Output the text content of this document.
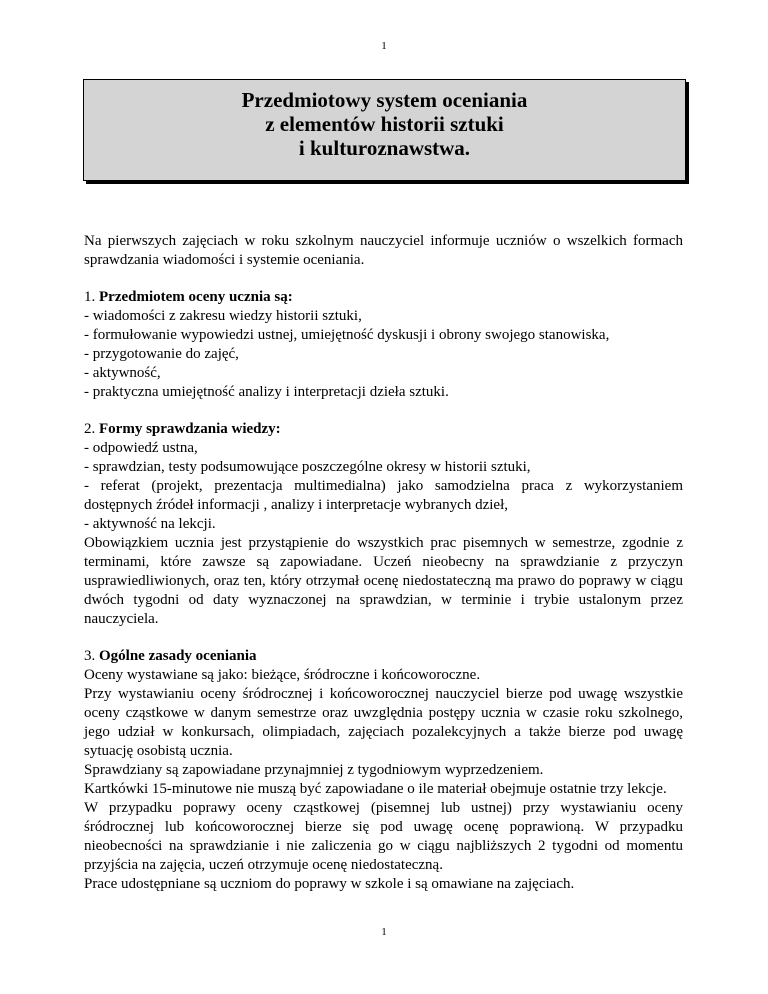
1
Przedmiotowy system oceniania
z elementów historii sztuki
i kulturoznawstwa.

Na pierwszych zajęciach w roku szkolnym nauczyciel informuje uczniów o wszelkich formach sprawdzania wiadomości i systemie oceniania.

1. Przedmiotem oceny ucznia są:

- wiadomości z zakresu wiedzy historii sztuki,

- formułowanie wypowiedzi ustnej, umiejętność dyskusji i obrony swojego stanowiska,

- przygotowanie do zajęć,

- aktywność,

- praktyczna umiejętność analizy i interpretacji dzieła sztuki.

2. Formy sprawdzania wiedzy:

- odpowiedź ustna,

- sprawdzian, testy podsumowujące poszczególne okresy w historii sztuki,

- referat (projekt, prezentacja multimedialna) jako samodzielna praca z wykorzystaniem dostępnych źródeł informacji , analizy i interpretacje wybranych dzieł,

- aktywność na lekcji.

Obowiązkiem ucznia jest przystąpienie do wszystkich prac pisemnych w semestrze, zgodnie z terminami, które zawsze są zapowiadane. Uczeń nieobecny na sprawdzianie z przyczyn usprawiedliwionych, oraz ten, który otrzymał ocenę niedostateczną ma prawo do poprawy w ciągu dwóch tygodni od daty wyznaczonej na sprawdzian, w terminie i trybie ustalonym przez nauczyciela.

3. Ogólne zasady oceniania

Oceny wystawiane są jako: bieżące, śródroczne i końcoworoczne.

Przy wystawianiu oceny śródrocznej i końcoworocznej nauczyciel bierze pod uwagę wszystkie oceny cząstkowe w danym semestrze oraz uwzględnia postępy ucznia w czasie roku szkolnego, jego udział w konkursach, olimpiadach, zajęciach pozalekcyjnych a także bierze pod uwagę sytuację osobistą ucznia.

Sprawdziany są zapowiadane przynajmniej z tygodniowym wyprzedzeniem.

Kartkówki 15-minutowe nie muszą być zapowiadane o ile materiał obejmuje ostatnie trzy lekcje.

W przypadku poprawy oceny cząstkowej (pisemnej lub ustnej) przy wystawianiu oceny śródrocznej lub końcoworocznej bierze się pod uwagę ocenę poprawioną. W przypadku nieobecności na sprawdzianie i nie zaliczenia go w ciągu najbliższych 2 tygodni od momentu przyjścia na zajęcia, uczeń otrzymuje ocenę niedostateczną.

Prace udostępniane są uczniom do poprawy w szkole i są omawiane na zajęciach.

1
